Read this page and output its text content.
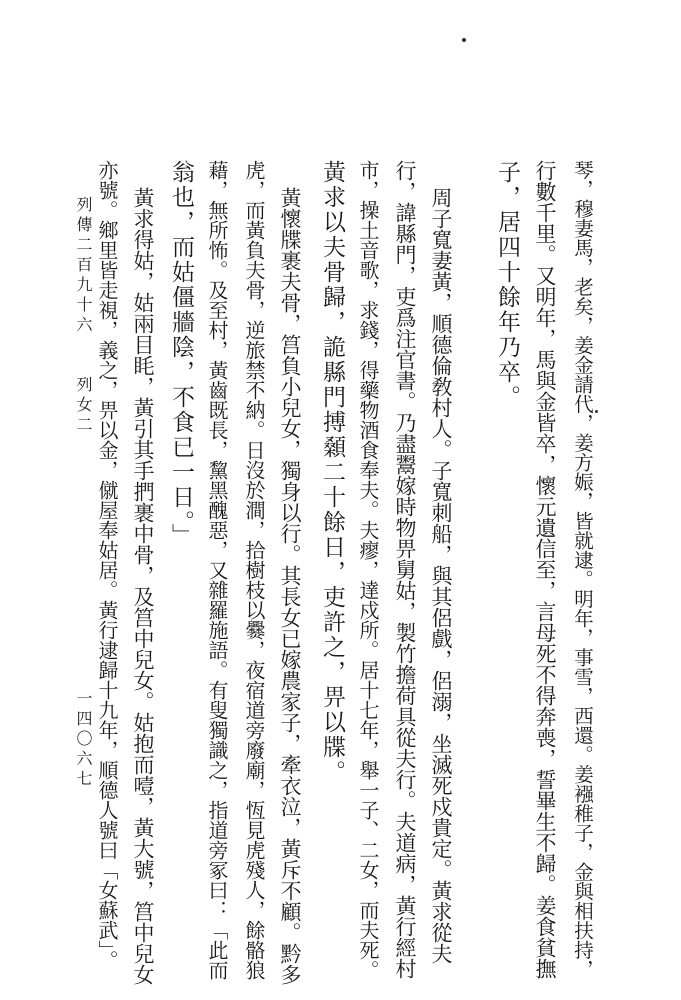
列傳二百九十六　　列女二
一四〇六七	琴，穆妻馬，老矣，姜金請代，姜方娠，皆就逮。明年，事雪，西還。姜襁稚子，金與相扶持，
行數千里。又明年，馬與金皆卒，懷元遺信至，言母死不得奔喪，誓畢生不歸。姜食貧撫
子，居四十餘年乃卒。
周子寬妻黃，順德倫敎村人。子寬刺船，與其侶戲，侶溺，坐滅死戍貴定。黃求從夫
行，諱縣門，吏爲注官書。乃盡鬻嫁時物畀舅姑，製竹擔荷具從夫行。夫道病，黃行經村
市，操土音歌，求錢，得藥物酒食奉夫。夫瘳，達戍所。居十七年，舉一子、二女，而夫死。
黃求以夫骨歸，詭縣門搏顙二十餘日，吏許之，畀以牒。
黃懷牒裹夫骨，筥負小兒女，獨身以行。其長女已嫁農家子，牽衣泣，黃斥不顧。黔多
虎，而黃負夫骨，逆旅禁不納。日沒於澗，拾樹枝以爨，夜宿道旁廢廟，恆見虎殘人，餘骼狼
藉，無所怖。及至村，黃齒既長，黧黑醜惡，又雜羅施語。有叟獨識之，指道旁冢曰：「此而
翁也，而姑僵牆陰，不食已一日。」
黃求得姑，姑兩目眊，黃引其手捫裹中骨，及筥中兒女。姑抱而噎，黃大號，筥中兒女
亦號。鄉里皆走視，義之，畀以金，僦屋奉姑居。黃行逮歸十九年，順德人號曰「女蘇武」。
